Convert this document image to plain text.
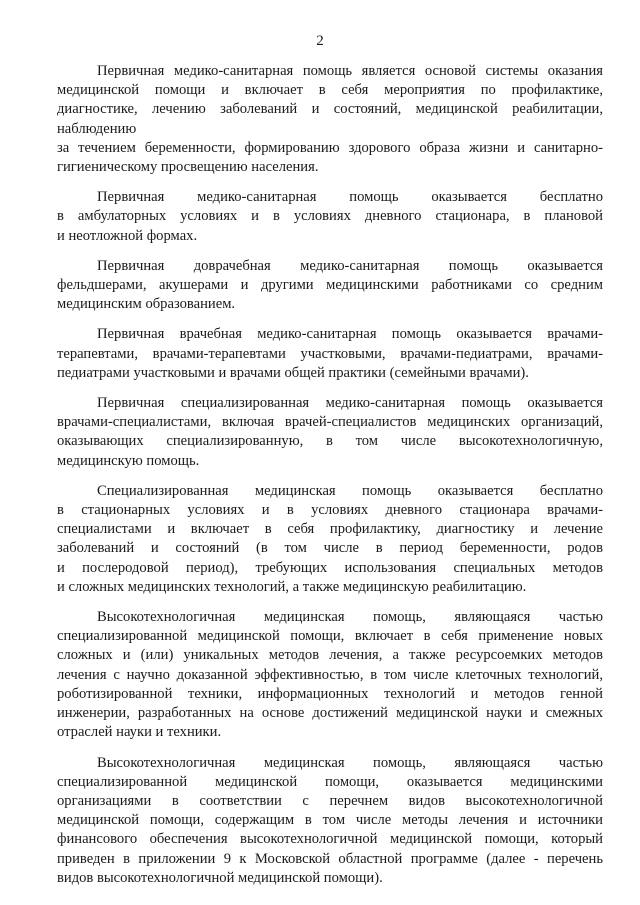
2

Первичная медико-санитарная помощь является основой системы оказания
медицинской помощи и включает в себя мероприятия по профилактике,
диагностике, лечению заболеваний и состояний, медицинской реабилитации,
наблюдению
за течением беременности, формированию здорового образа жизни и санитарно-
гигиеническому просвещению населения.

Первичная медико-санитарная помощь оказывается бесплатно
в амбулаторных условиях и в условиях дневного стационара, в плановой
и неотложной формах.

Первичная доврачебная медико-санитарная помощь оказывается
фельдшерами, акушерами и другими медицинскими работниками со средним
медицинским образованием.

Первичная врачебная медико-санитарная помощь оказывается врачами-
терапевтами, врачами-терапевтами участковыми, врачами-педиатрами, врачами-
педиатрами участковыми и врачами общей практики (семейными врачами).

Первичная специализированная медико-санитарная помощь оказывается
врачами-специалистами, включая врачей-специалистов медицинских организаций,
оказывающих специализированную, в том числе высокотехнологичную,
медицинскую помощь.

Специализированная медицинская помощь оказывается бесплатно
в стационарных условиях и в условиях дневного стационара врачами-
специалистами и включает в себя профилактику, диагностику и лечение
заболеваний и состояний (в том числе в период беременности, родов
и послеродовой период), требующих использования специальных методов
и сложных медицинских технологий, а также медицинскую реабилитацию.

Высокотехнологичная медицинская помощь, являющаяся частью
специализированной медицинской помощи, включает в себя применение новых
сложных и (или) уникальных методов лечения, а также ресурсоемких методов
лечения с научно доказанной эффективностью, в том числе клеточных технологий,
роботизированной техники, информационных технологий и методов генной
инженерии, разработанных на основе достижений медицинской науки и смежных
отраслей науки и техники.

Высокотехнологичная медицинская помощь, являющаяся частью
специализированной медицинской помощи, оказывается медицинскими
организациями в соответствии с перечнем видов высокотехнологичной
медицинской помощи, содержащим в том числе методы лечения и источники
финансового обеспечения высокотехнологичной медицинской помощи, который
приведен в приложении 9 к Московской областной программе (далее - перечень
видов высокотехнологичной медицинской помощи).
